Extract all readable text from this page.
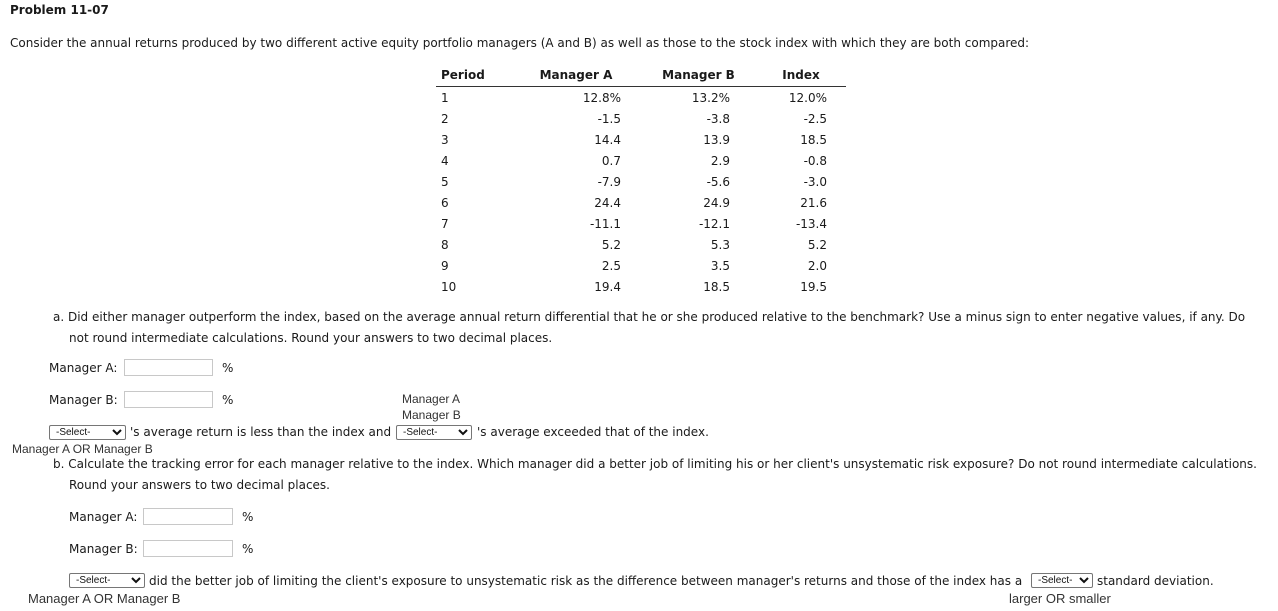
Problem 11-07
Consider the annual returns produced by two different active equity portfolio managers (A and B) as well as those to the stock index with which they are both compared:
Period	Manager A	Manager B	Index
1	12.8%	13.2%	12.0%

2	-1.5	-3.8	-2.5

3	14.4	13.9	18.5

4	0.7	2.9	-0.8

5	-7.9	-5.6	-3.0

6	24.4	24.9	21.6

7	-11.1	-12.1	-13.4

8	5.2	5.3	5.2

9	2.5	3.5	2.0

10	19.4	18.5	19.5
a. Did either manager outperform the index, based on the average annual return differential that he or she produced relative to the benchmark? Use a minus sign to enter negative values, if any. Do
not round intermediate calculations. Round your answers to two decimal places.
Manager A:	%
Manager B:	%	Manager A
Manager B
-Select-
's average return is less than the index and
-Select-	's average exceeded that of the index.
Manager A OR Manager B
b. Calculate the tracking error for each manager relative to the index. Which manager did a better job of limiting his or her client's unsystematic risk exposure? Do not round intermediate calculations.
Round your answers to two decimal places.
Manager A:	%
Manager B:	%
-Select-
did the better job of limiting the client's exposure to unsystematic risk as the difference between manager's returns and those of the index has a
-Select-	standard deviation.
Manager A OR Manager B	larger OR smaller
